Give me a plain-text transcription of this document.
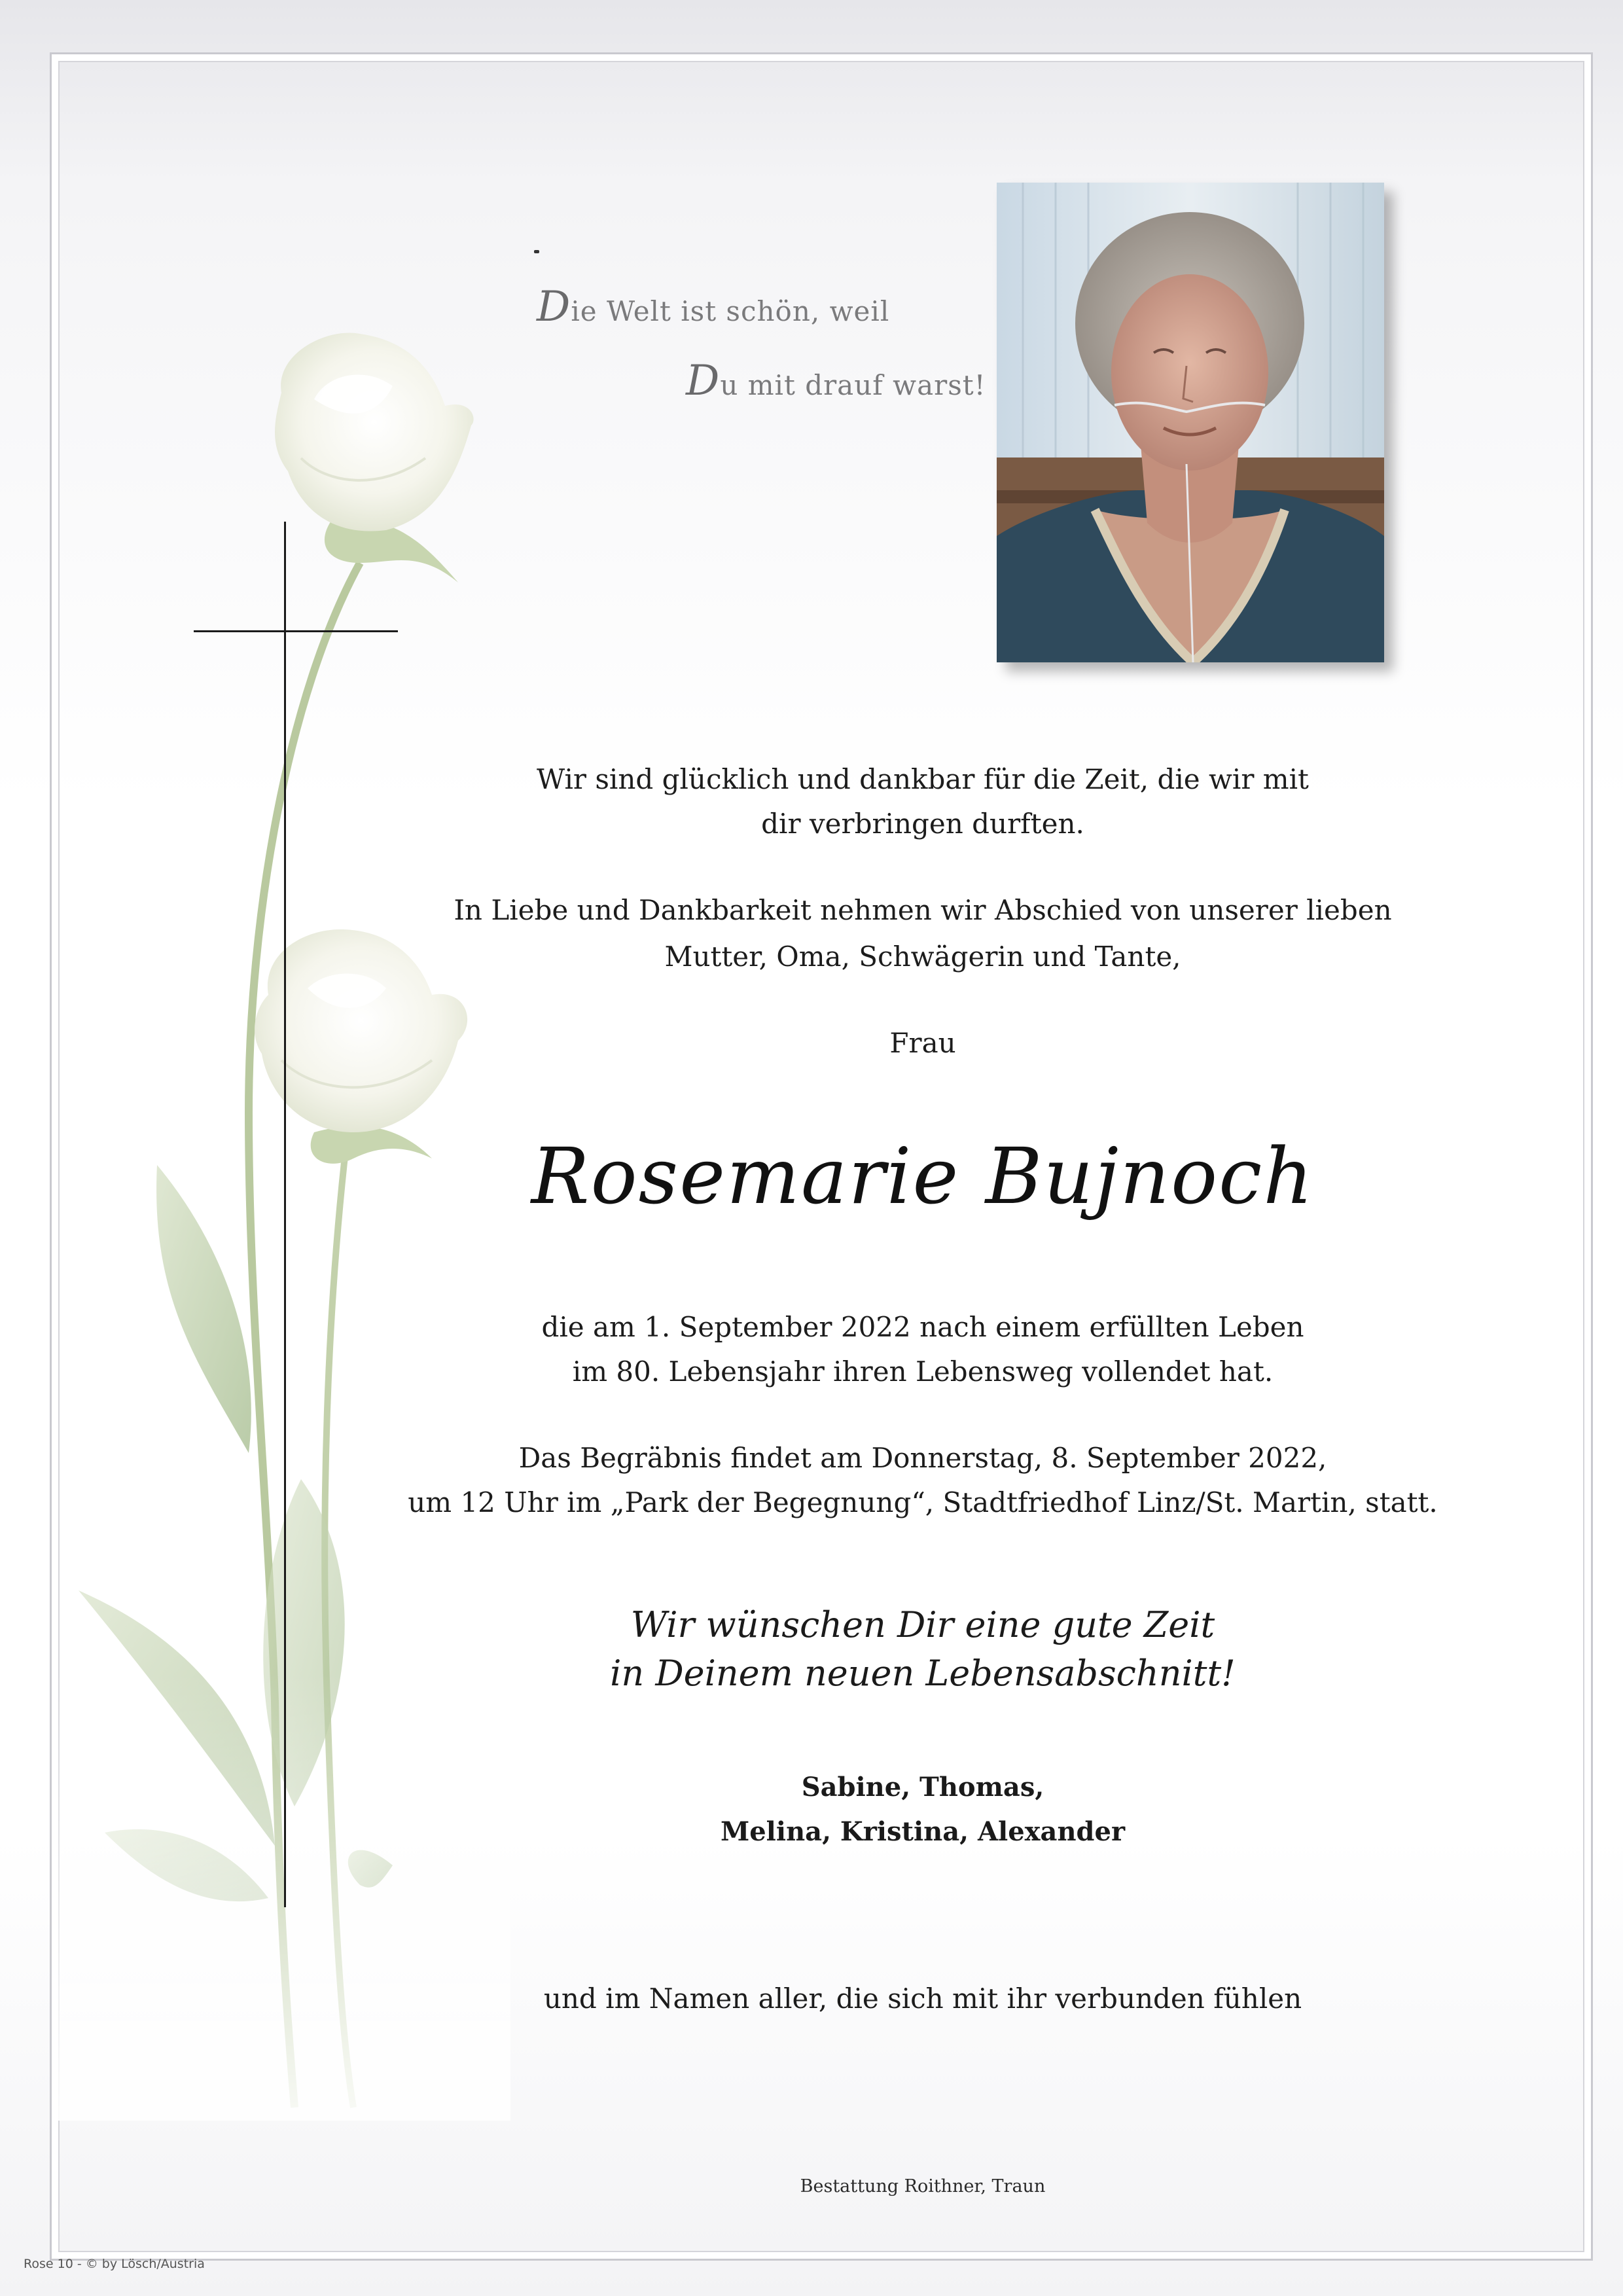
Die Welt ist schön, weil
Du mit drauf warst!
Wir sind glücklich und dankbar für die Zeit, die wir mit
dir verbringen durften.
In Liebe und Dankbarkeit nehmen wir Abschied von unserer lieben
Mutter, Oma, Schwägerin und Tante,
Frau
Rosemarie Bujnoch
die am 1. September 2022 nach einem erfüllten Leben
im 80. Lebensjahr ihren Lebensweg vollendet hat.
Das Begräbnis findet am Donnerstag, 8. September 2022,
um 12 Uhr im „Park der Begegnung“, Stadtfriedhof Linz/St. Martin, statt.
Wir wünschen Dir eine gute Zeit
in Deinem neuen Lebensabschnitt!
Sabine, Thomas,
Melina, Kristina, Alexander
und im Namen aller, die sich mit ihr verbunden fühlen
Bestattung Roithner, Traun
Rose 10 - © by Lösch/Austria
